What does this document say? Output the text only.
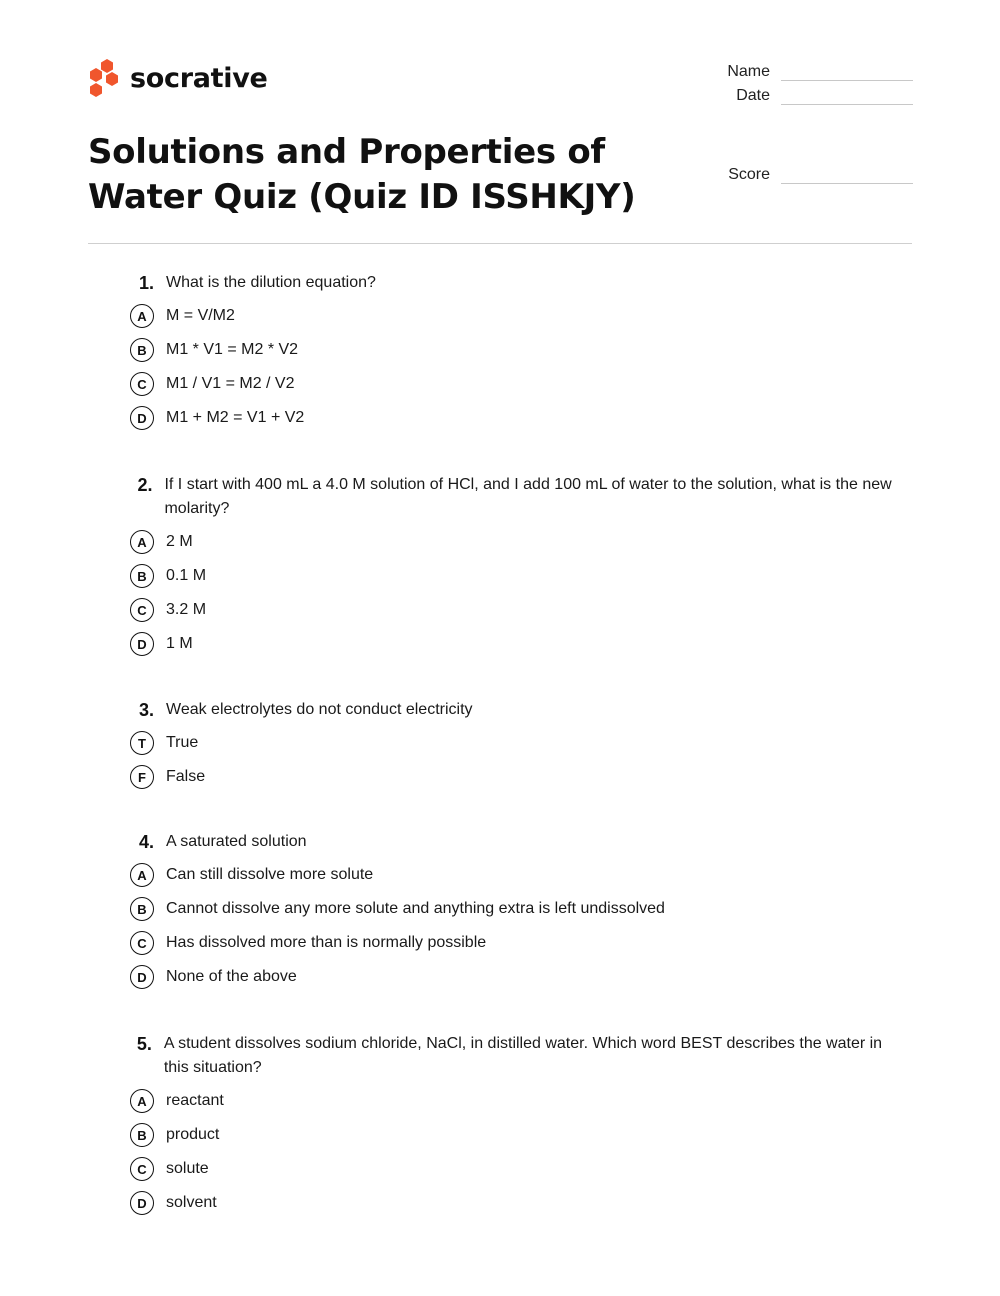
socrative	Name
Date
Score
Solutions and Properties of
Water Quiz (Quiz ID ISSHKJY)
1. What is the dilution equation?
A	M = V/M2
B	M1 * V1 = M2 * V2
C	M1 / V1 = M2 / V2
D	M1 + M2 = V1 + V2
2. If I start with 400 mL a 4.0 M solution of HCl, and I add 100 mL of water to the solution, what is the new molarity?
A	2 M
B	0.1 M
C	3.2 M
D	1 M
3. Weak electrolytes do not conduct electricity
T	True
F	False
4. A saturated solution
A	Can still dissolve more solute
B	Cannot dissolve any more solute and anything extra is left undissolved
C	Has dissolved more than is normally possible
D	None of the above
5. A student dissolves sodium chloride, NaCl, in distilled water. Which word BEST describes the water in this situation?
A	reactant
B	product
C	solute
D	solvent
